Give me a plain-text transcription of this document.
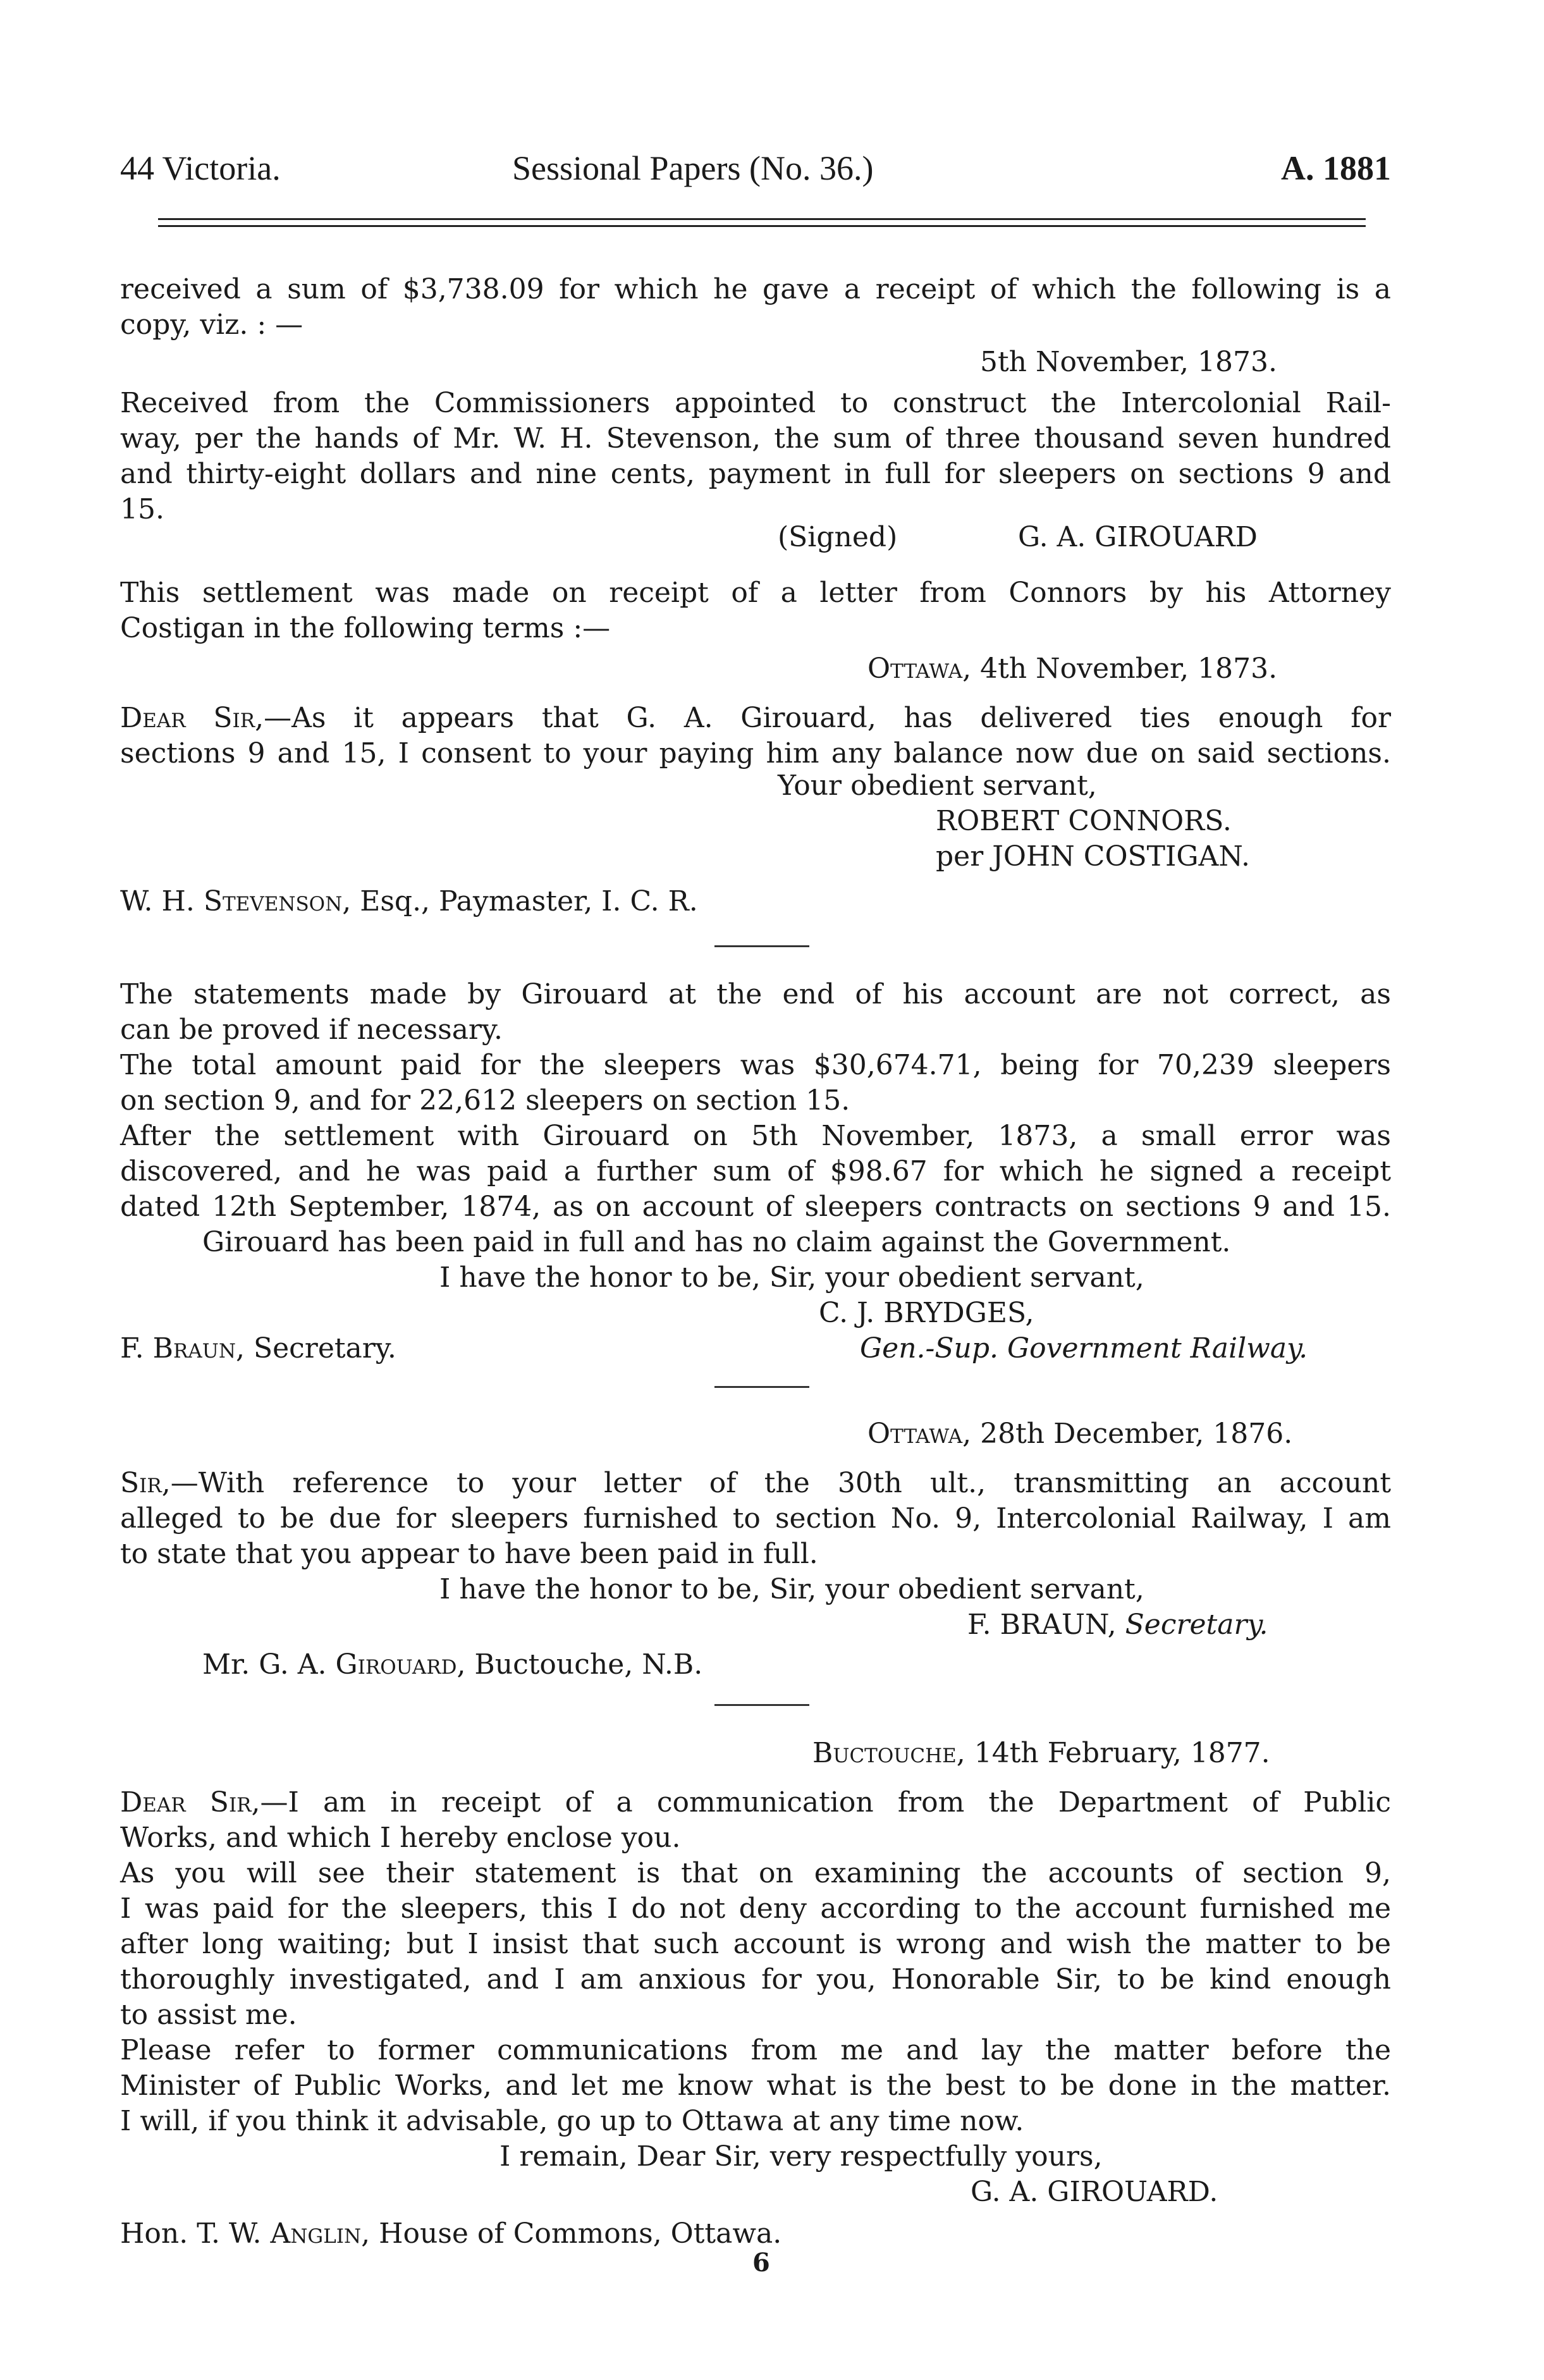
44 Victoria.	Sessional Papers (No. 36.)	A. 1881
received a sum of $3,738.09 for which he gave a receipt of which the following is a
copy, viz. : —
5th November, 1873.
Received from the Commissioners appointed to construct the Intercolonial Rail-
way, per the hands of Mr. W. H. Stevenson, the sum of three thousand seven hundred
and thirty-eight dollars and nine cents, payment in full for sleepers on sections 9 and
15.
(Signed)	G. A. GIROUARD
This settlement was made on receipt of a letter from Connors by his Attorney
Costigan in the following terms :—
Ottawa, 4th November, 1873.
Dear Sir,—As it appears that G. A. Girouard, has delivered ties enough for
sections 9 and 15, I consent to your paying him any balance now due on said sections.
Your obedient servant,
ROBERT CONNORS.
per JOHN COSTIGAN.
W. H. Stevenson, Esq., Paymaster, I. C. R.
The statements made by Girouard at the end of his account are not correct, as
can be proved if necessary.
The total amount paid for the sleepers was $30,674.71, being for 70,239 sleepers
on section 9, and for 22,612 sleepers on section 15.
After the settlement with Girouard on 5th November, 1873, a small error was
discovered, and he was paid a further sum of $98.67 for which he signed a receipt
dated 12th September, 1874, as on account of sleepers contracts on sections 9 and 15.
Girouard has been paid in full and has no claim against the Government.
I have the honor to be, Sir, your obedient servant,
C. J. BRYDGES,
F. Braun, Secretary.	Gen.-Sup. Government Railway.
Ottawa, 28th December, 1876.
Sir,—With reference to your letter of the 30th ult., transmitting an account
alleged to be due for sleepers furnished to section No. 9, Intercolonial Railway, I am
to state that you appear to have been paid in full.
I have the honor to be, Sir, your obedient servant,
F. BRAUN, Secretary.
Mr. G. A. Girouard, Buctouche, N.B.
Buctouche, 14th February, 1877.
Dear Sir,—I am in receipt of a communication from the Department of Public
Works, and which I hereby enclose you.
As you will see their statement is that on examining the accounts of section 9,
I was paid for the sleepers, this I do not deny according to the account furnished me
after long waiting; but I insist that such account is wrong and wish the matter to be
thoroughly investigated, and I am anxious for you, Honorable Sir, to be kind enough
to assist me.
Please refer to former communications from me and lay the matter before the
Minister of Public Works, and let me know what is the best to be done in the matter.
I will, if you think it advisable, go up to Ottawa at any time now.
I remain, Dear Sir, very respectfully yours,
G. A. GIROUARD.
Hon. T. W. Anglin, House of Commons, Ottawa.
6
